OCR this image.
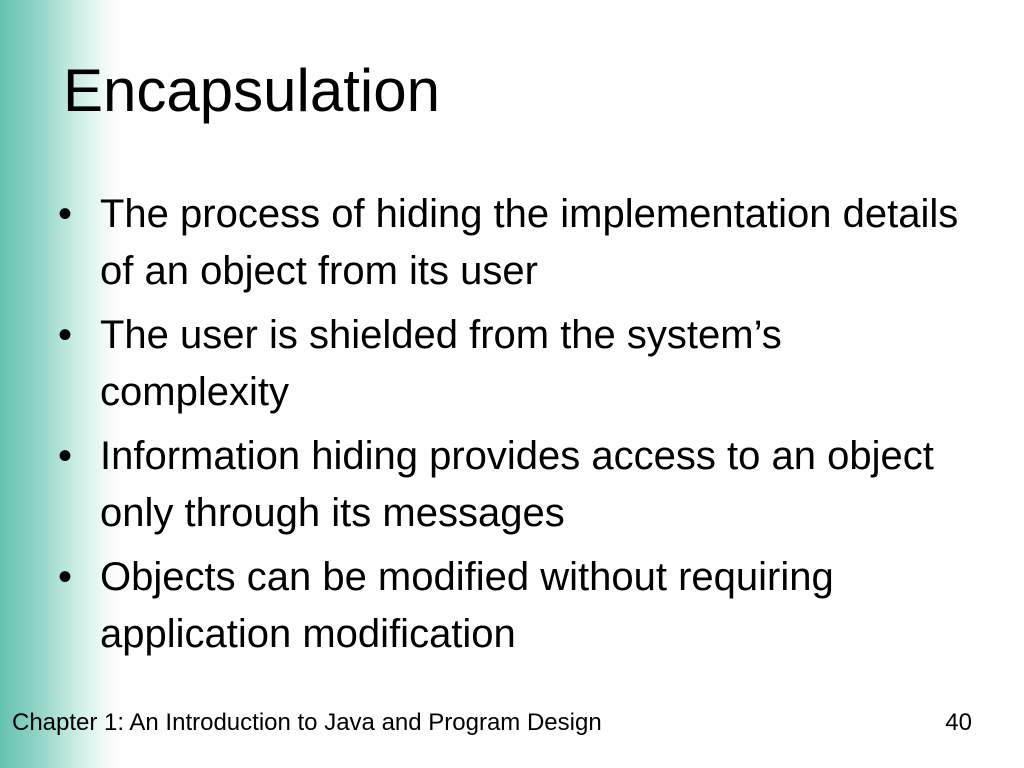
Encapsulation
• The process of hiding the implementation details of an object from its user
• The user is shielded from the system’s complexity
• Information hiding provides access to an object only through its messages
• Objects can be modified without requiring application modification
Chapter 1: An Introduction to Java and Program Design	40
